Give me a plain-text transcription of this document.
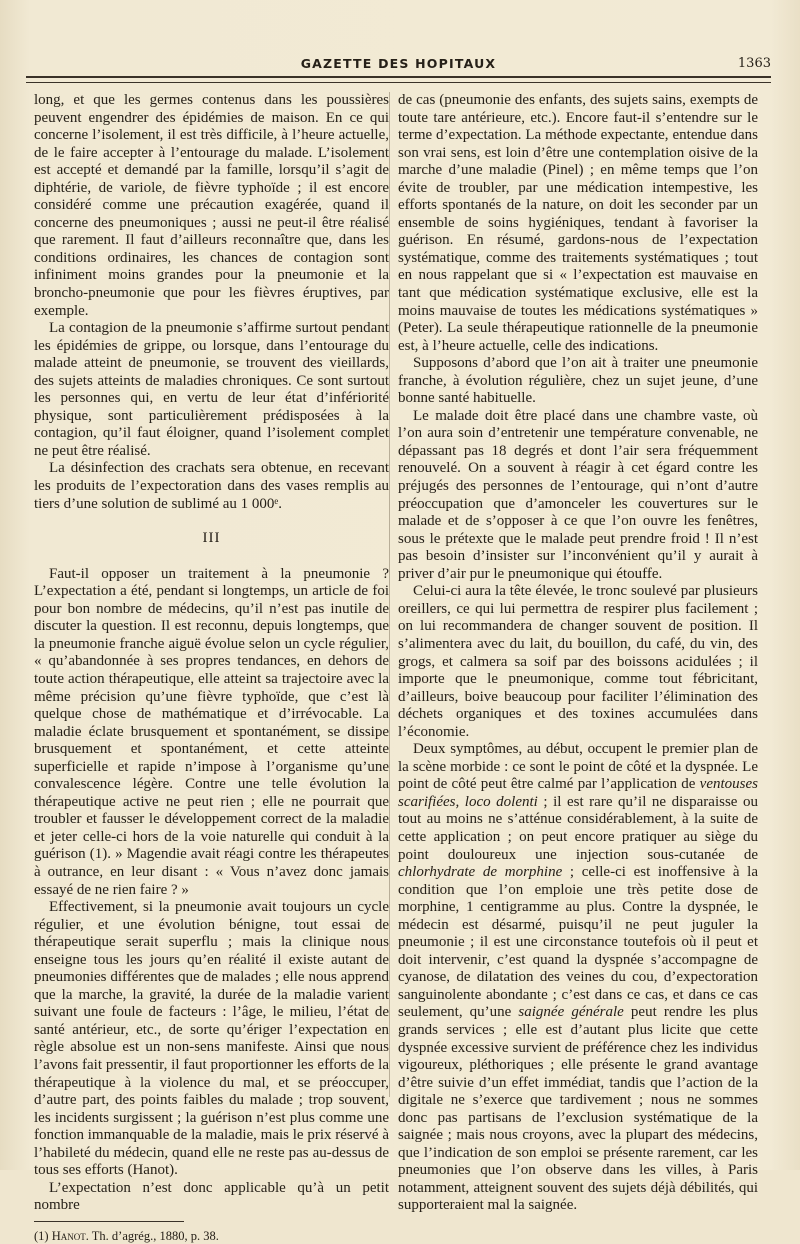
GAZETTE DES HOPITAUX	1363

long, et que les germes contenus dans les poussières peuvent engendrer des épidémies de maison. En ce qui concerne l’isolement, il est très difficile, à l’heure actuelle, de le faire accepter à l’entourage du malade. L’isolement est accepté et demandé par la famille, lorsqu’il s’agit de diphtérie, de variole, de fièvre typhoïde ; il est encore considéré comme une précaution exagérée, quand il concerne des pneumoniques ; aussi ne peut-il être réalisé que rarement. Il faut d’ailleurs reconnaître que, dans les conditions ordinaires, les chances de contagion sont infiniment moins grandes pour la pneumonie et la broncho-pneumonie que pour les fièvres éruptives, par exemple.

La contagion de la pneumonie s’affirme surtout pendant les épidémies de grippe, ou lorsque, dans l’entourage du malade atteint de pneumonie, se trouvent des vieillards, des sujets atteints de maladies chroniques. Ce sont surtout les personnes qui, en vertu de leur état d’infériorité physique, sont particulièrement prédisposées à la contagion, qu’il faut éloigner, quand l’isolement complet ne peut être réalisé.

La désinfection des crachats sera obtenue, en recevant les produits de l’expectoration dans des vases remplis au tiers d’une solution de sublimé au 1 000ᵉ.

III

Faut-il opposer un traitement à la pneumonie ? L’expectation a été, pendant si longtemps, un article de foi pour bon nombre de médecins, qu’il n’est pas inutile de discuter la question. Il est reconnu, depuis longtemps, que la pneumonie franche aiguë évolue selon un cycle régulier, « qu’abandonnée à ses propres tendances, en dehors de toute action thérapeutique, elle atteint sa trajectoire avec la même précision qu’une fièvre typhoïde, que c’est là quelque chose de mathématique et d’irrévocable. La maladie éclate brusquement et spontanément, se dissipe brusquement et spontanément, et cette atteinte superficielle et rapide n’impose à l’organisme qu’une convalescence légère. Contre une telle évolution la thérapeutique active ne peut rien ; elle ne pourrait que troubler et fausser le développement correct de la maladie et jeter celle-ci hors de la voie naturelle qui conduit à la guérison (1). » Magendie avait réagi contre les thérapeutes à outrance, en leur disant : « Vous n’avez donc jamais essayé de ne rien faire ? »

Effectivement, si la pneumonie avait toujours un cycle régulier, et une évolution bénigne, tout essai de thérapeutique serait superflu ; mais la clinique nous enseigne tous les jours qu’en réalité il existe autant de pneumonies différentes que de malades ; elle nous apprend que la marche, la gravité, la durée de la maladie varient suivant une foule de facteurs : l’âge, le milieu, l’état de santé antérieur, etc., de sorte qu’ériger l’expectation en règle absolue est un non-sens manifeste. Ainsi que nous l’avons fait pressentir, il faut proportionner les efforts de la thérapeutique à la violence du mal, et se préoccuper, d’autre part, des points faibles du malade ; trop souvent, les incidents surgissent ; la guérison n’est plus comme une fonction immanquable de la maladie, mais le prix réservé à l’habileté du médecin, quand elle ne reste pas au-dessus de tous ses efforts (Hanot).

L’expectation n’est donc applicable qu’à un petit nombre

(1) Hanot. Th. d’agrég., 1880, p. 38.

de cas (pneumonie des enfants, des sujets sains, exempts de toute tare antérieure, etc.). Encore faut-il s’entendre sur le terme d’expectation. La méthode expectante, entendue dans son vrai sens, est loin d’être une contemplation oisive de la marche d’une maladie (Pinel) ; en même temps que l’on évite de troubler, par une médication intempestive, les efforts spontanés de la nature, on doit les seconder par un ensemble de soins hygiéniques, tendant à favoriser la guérison. En résumé, gardons-nous de l’expectation systématique, comme des traitements systématiques ; tout en nous rappelant que si « l’expectation est mauvaise en tant que médication systématique exclusive, elle est la moins mauvaise de toutes les médications systématiques » (Peter). La seule thérapeutique rationnelle de la pneumonie est, à l’heure actuelle, celle des indications.

Supposons d’abord que l’on ait à traiter une pneumonie franche, à évolution régulière, chez un sujet jeune, d’une bonne santé habituelle.

Le malade doit être placé dans une chambre vaste, où l’on aura soin d’entretenir une température convenable, ne dépassant pas 18 degrés et dont l’air sera fréquemment renouvelé. On a souvent à réagir à cet égard contre les préjugés des personnes de l’entourage, qui n’ont d’autre préoccupation que d’amonceler les couvertures sur le malade et de s’opposer à ce que l’on ouvre les fenêtres, sous le prétexte que le malade peut prendre froid ! Il n’est pas besoin d’insister sur l’inconvénient qu’il y aurait à priver d’air pur le pneumonique qui étouffe.

Celui-ci aura la tête élevée, le tronc soulevé par plusieurs oreillers, ce qui lui permettra de respirer plus facilement ; on lui recommandera de changer souvent de position. Il s’alimentera avec du lait, du bouillon, du café, du vin, des grogs, et calmera sa soif par des boissons acidulées ; il importe que le pneumonique, comme tout fébricitant, d’ailleurs, boive beaucoup pour faciliter l’élimination des déchets organiques et des toxines accumulées dans l’économie.

Deux symptômes, au début, occupent le premier plan de la scène morbide : ce sont le point de côté et la dyspnée. Le point de côté peut être calmé par l’application de ventouses scarifiées, loco dolenti ; il est rare qu’il ne disparaisse ou tout au moins ne s’atténue considérablement, à la suite de cette application ; on peut encore pratiquer au siège du point douloureux une injection sous-cutanée de chlorhydrate de morphine ; celle-ci est inoffensive à la condition que l’on emploie une très petite dose de morphine, 1 centigramme au plus. Contre la dyspnée, le médecin est désarmé, puisqu’il ne peut juguler la pneumonie ; il est une circonstance toutefois où il peut et doit intervenir, c’est quand la dyspnée s’accompagne de cyanose, de dilatation des veines du cou, d’expectoration sanguinolente abondante ; c’est dans ce cas, et dans ce cas seulement, qu’une saignée générale peut rendre les plus grands services ; elle est d’autant plus licite que cette dyspnée excessive survient de préférence chez les individus vigoureux, pléthoriques ; elle présente le grand avantage d’être suivie d’un effet immédiat, tandis que l’action de la digitale ne s’exerce que tardivement ; nous ne sommes donc pas partisans de l’exclusion systématique de la saignée ; mais nous croyons, avec la plupart des médecins, que l’indication de son emploi se présente rarement, car les pneumonies que l’on observe dans les villes, à Paris notamment, atteignent souvent des sujets déjà débilités, qui supporteraient mal la saignée.
